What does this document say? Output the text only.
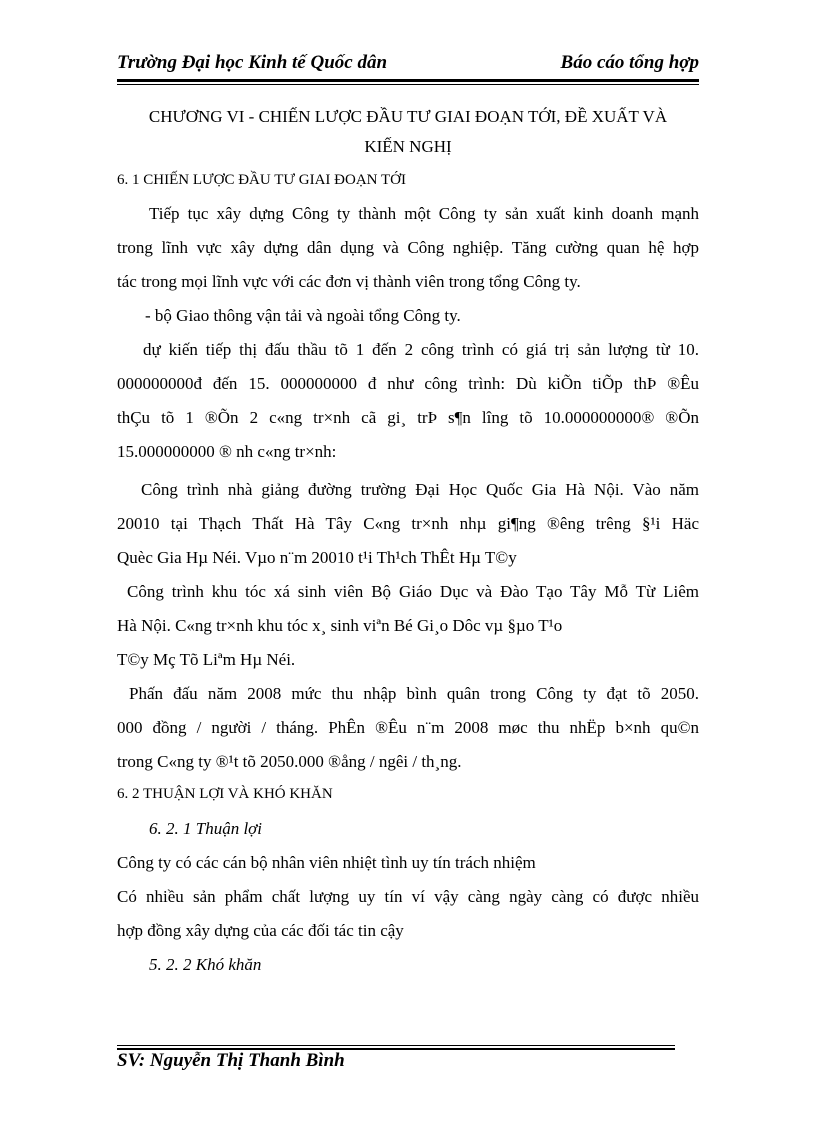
Trường Đại học Kinh tế Quốc dân	Báo cáo tổng hợp
CHƯƠNG VI - CHIẾN LƯỢC ĐẦU TƯ GIAI ĐOẠN TỚI, ĐỀ XUẤT VÀ
KIẾN NGHỊ
6. 1 CHIẾN LƯỢC ĐẦU TƯ GIAI ĐOẠN TỚI
Tiếp tục xây dựng Công ty thành một Công ty sản xuất kinh doanh mạnh
trong lĩnh vực xây dựng dân dụng và Công nghiệp. Tăng cường quan hệ hợp
tác trong mọi lĩnh vực với các đơn vị thành viên trong tổng Công ty.
- bộ Giao thông vận tải và ngoài tổng Công ty.
dự kiến tiếp thị đấu thầu tõ 1 đến 2 công trình có giá trị sản lượng từ 10.
000000000đ đến 15. 000000000 đ như công trình: Dù kiÕn tiÕp thÞ ®Êu
thÇu tõ 1 ®Õn 2 c«ng tr×nh cã gi¸ trÞ s¶n lîng tõ 10.000000000® ®Õn
15.000000000 ® nh c«ng tr×nh:
Công trình nhà giảng đường trường Đại Học Quốc Gia Hà Nội. Vào năm
20010 tại Thạch Thất Hà Tây C«ng tr×nh nhµ gi¶ng ®êng trêng §¹i Häc
Quèc Gia Hµ Néi. Vµo n¨m 20010 t¹i Th¹ch ThÊt Hµ T©y
Công trình khu tóc xá sinh viên Bộ Giáo Dục và Đào Tạo Tây Mỗ Từ Liêm
Hà Nội. C«ng tr×nh khu tóc x¸ sinh viªn Bé Gi¸o Dôc vµ §µo T¹o
T©y Mç Tõ Liªm Hµ Néi.
Phấn đấu năm 2008 mức thu nhập bình quân trong Công ty đạt tõ 2050.
000 đồng / người / tháng. PhÊn ®Êu n¨m 2008 møc thu nhËp b×nh qu©n
trong C«ng ty ®¹t tõ 2050.000 ®ång / ngêi / th¸ng.
6. 2 THUẬN LỢI VÀ KHÓ KHĂN
6. 2. 1 Thuận lợi
Công ty có các cán bộ nhân viên nhiệt tình uy tín trách nhiệm
Có nhiều sản phẩm chất lượng uy tín ví vậy càng ngày càng có được nhiều
hợp đồng xây dựng của các đối tác tin cậy
5. 2. 2 Khó khăn
SV: Nguyễn Thị Thanh Bình
